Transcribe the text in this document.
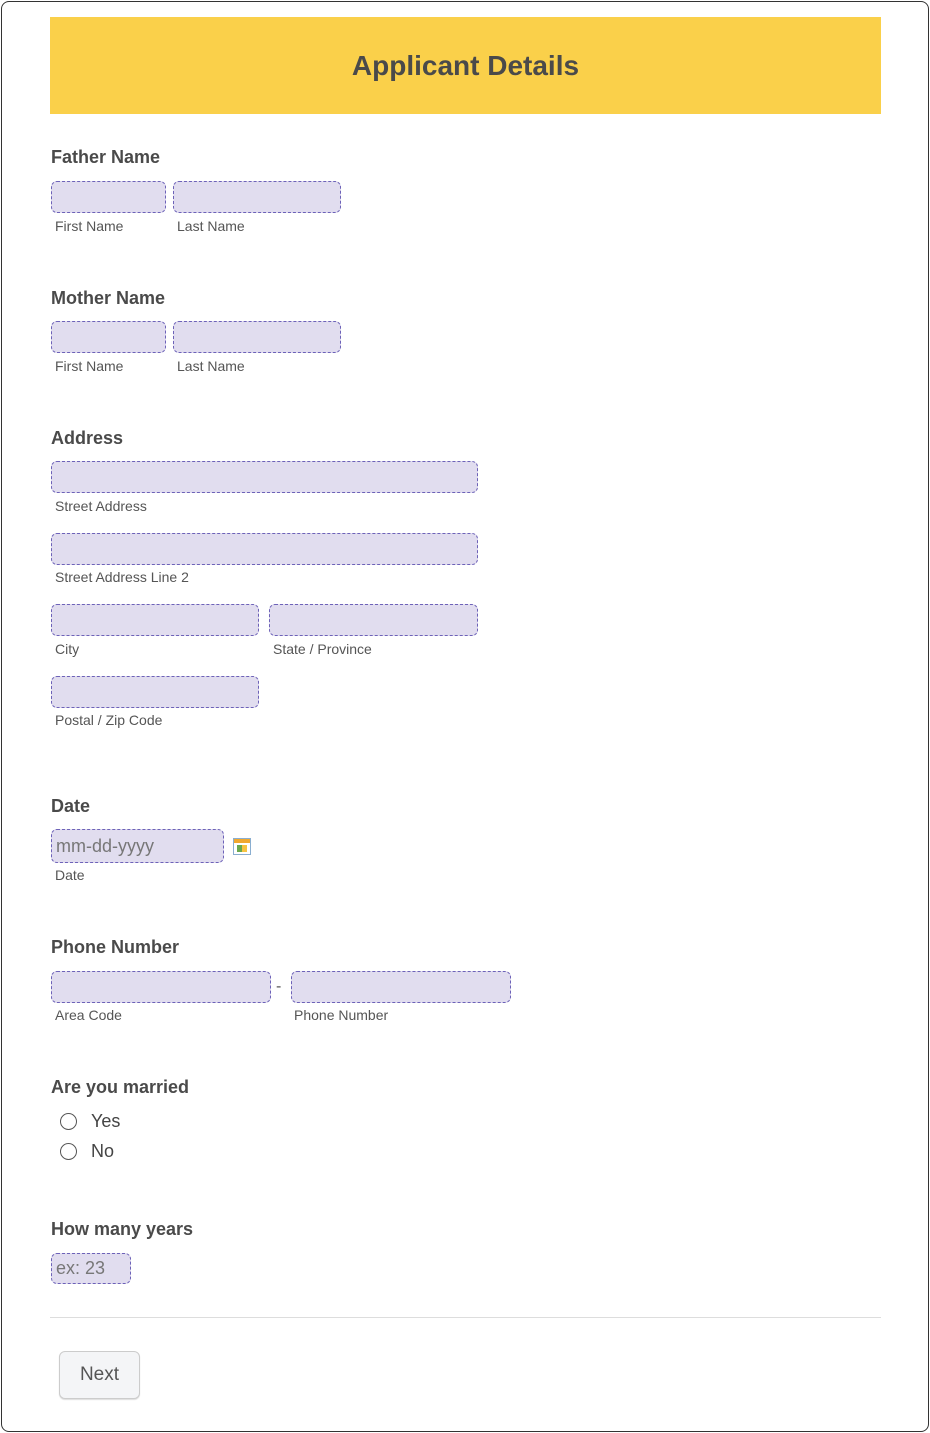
Applicant Details
Father Name
First Name	Last Name
Mother Name
First Name	Last Name
Address
Street Address
Street Address Line 2
City	State / Province
Postal / Zip Code
Date
mm-dd-yyyy
Date
Phone Number
-
Area Code	Phone Number
Are you married
Yes
No
How many years
ex: 23
Next
